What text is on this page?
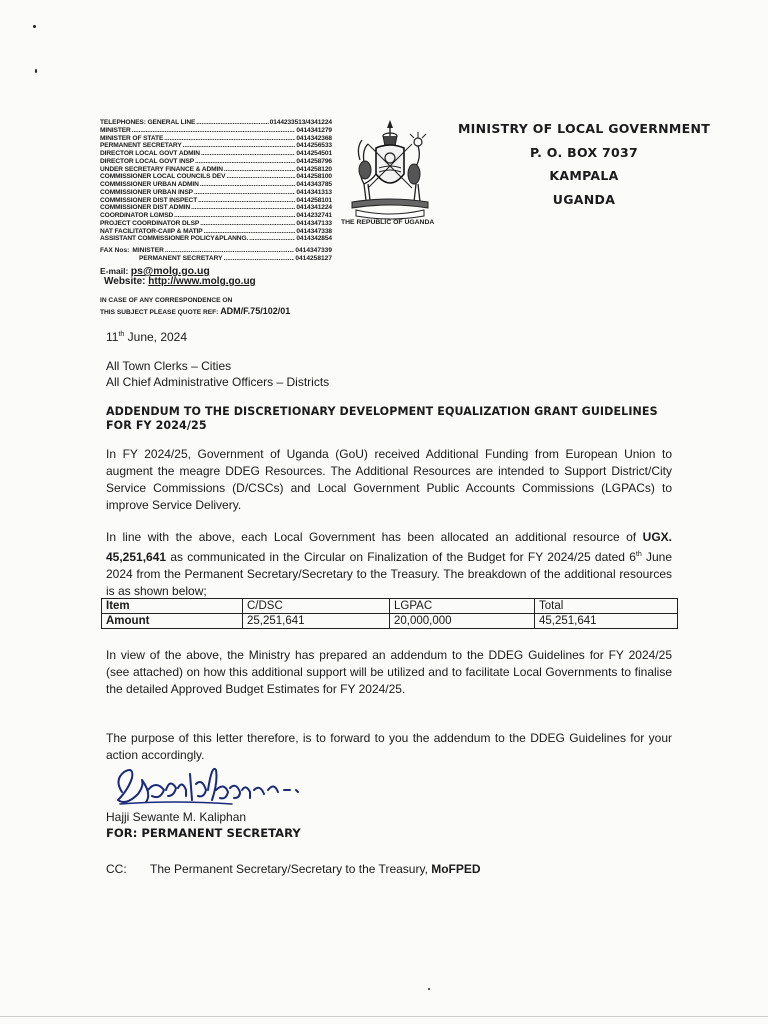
TELEPHONES: GENERAL LINE .....	0144233513/4341224
MINISTER .....	0414341279
MINISTER OF STATE .....	0414342368
PERMANENT SECRETARY .....	0414256533
DIRECTOR LOCAL GOVT ADMIN .....	0414254501
DIRECTOR LOCAL GOVT INSP .....	0414258796
UNDER SECRETARY FINANCE & ADMIN .....	0414258120
COMMISSIONER LOCAL COUNCILS DEV .....	0414258100
COMMISSIONER URBAN ADMIN .....	0414343785
COMMISSIONER URBAN INSP .....	0414341313
COMMISSIONER DIST INSPECT .....	0414258101
COMMISSIONER DIST ADMIN .....	0414341224
COORDINATOR LGMSD .....	0414232741
PROJECT COORDINATOR DLSP .....	0414347133
NAT FACILITATOR-CAIIP & MATIP .....	0414347338
ASSISTANT COMMISSIONER POLICY&PLANNG. .....	0414342854
FAX Nos: MINISTER .....	0414347339
PERMANENT SECRETARY .....	0414258127
E-mail: ps@molg.go.ug
Website: http://www.molg.go.ug
IN CASE OF ANY CORRESPONDENCE ON
THIS SUBJECT PLEASE QUOTE REF: ADM/F.75/102/01
THE REPUBLIC OF UGANDA
MINISTRY OF LOCAL GOVERNMENT
P. O. BOX 7037
KAMPALA
UGANDA
11th June, 2024
All Town Clerks – Cities
All Chief Administrative Officers – Districts
ADDENDUM TO THE DISCRETIONARY DEVELOPMENT EQUALIZATION GRANT GUIDELINES FOR FY 2024/25
In FY 2024/25, Government of Uganda (GoU) received Additional Funding from European Union to augment the meagre DDEG Resources. The Additional Resources are intended to Support District/City Service Commissions (D/CSCs) and Local Government Public Accounts Commissions (LGPACs) to improve Service Delivery.
In line with the above, each Local Government has been allocated an additional resource of UGX. 45,251,641 as communicated in the Circular on Finalization of the Budget for FY 2024/25 dated 6th June 2024 from the Permanent Secretary/Secretary to the Treasury. The breakdown of the additional resources is as shown below;
Item	C/DSC	LGPAC	Total
Amount	25,251,641	20,000,000	45,251,641
In view of the above, the Ministry has prepared an addendum to the DDEG Guidelines for FY 2024/25 (see attached) on how this additional support will be utilized and to facilitate Local Governments to finalise the detailed Approved Budget Estimates for FY 2024/25.
The purpose of this letter therefore, is to forward to you the addendum to the DDEG Guidelines for your action accordingly.
Hajji Sewante M. Kaliphan
FOR: PERMANENT SECRETARY
CC: The Permanent Secretary/Secretary to the Treasury, MoFPED
